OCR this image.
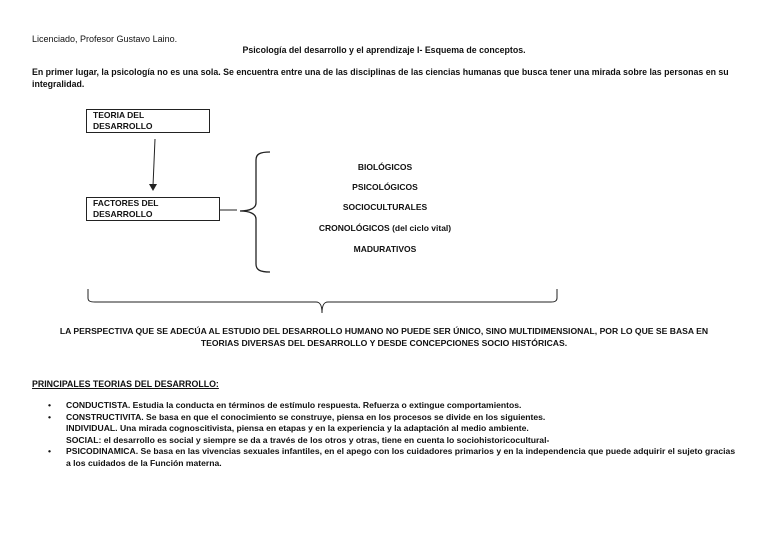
Licenciado, Profesor Gustavo Laino.
Psicología del desarrollo y el aprendizaje I- Esquema de conceptos.
En primer lugar, la psicología no es una sola. Se encuentra entre una de las disciplinas de las ciencias humanas que busca tener una mirada sobre las personas en su integralidad.
TEORIA DEL DESARROLLO
FACTORES DEL DESARROLLO
BIOLÓGICOS
PSICOLÓGICOS
SOCIOCULTURALES
CRONOLÓGICOS (del ciclo vital)
MADURATIVOS
LA PERSPECTIVA QUE SE ADECÚA AL ESTUDIO DEL DESARROLLO HUMANO NO PUEDE SER ÚNICO, SINO MULTIDIMENSIONAL, POR LO QUE SE BASA EN TEORIAS DIVERSAS DEL DESARROLLO Y DESDE CONCEPCIONES SOCIO HISTÓRICAS.
PRINCIPALES TEORIAS DEL DESARROLLO:
• CONDUCTISTA. Estudia la conducta en términos de estímulo respuesta. Refuerza o extingue comportamientos.
• CONSTRUCTIVITA. Se basa en que el conocimiento se construye, piensa en los procesos se divide en los siguientes.
INDIVIDUAL. Una mirada cognoscitivista, piensa en etapas y en la experiencia y la adaptación al medio ambiente.
SOCIAL: el desarrollo es social y siempre se da a través de los otros y otras, tiene en cuenta lo sociohistoricocultural-
• PSICODINAMICA. Se basa en las vivencias sexuales infantiles, en el apego con los cuidadores primarios y en la independencia que puede adquirir el sujeto gracias
a los cuidados de la Función materna.
